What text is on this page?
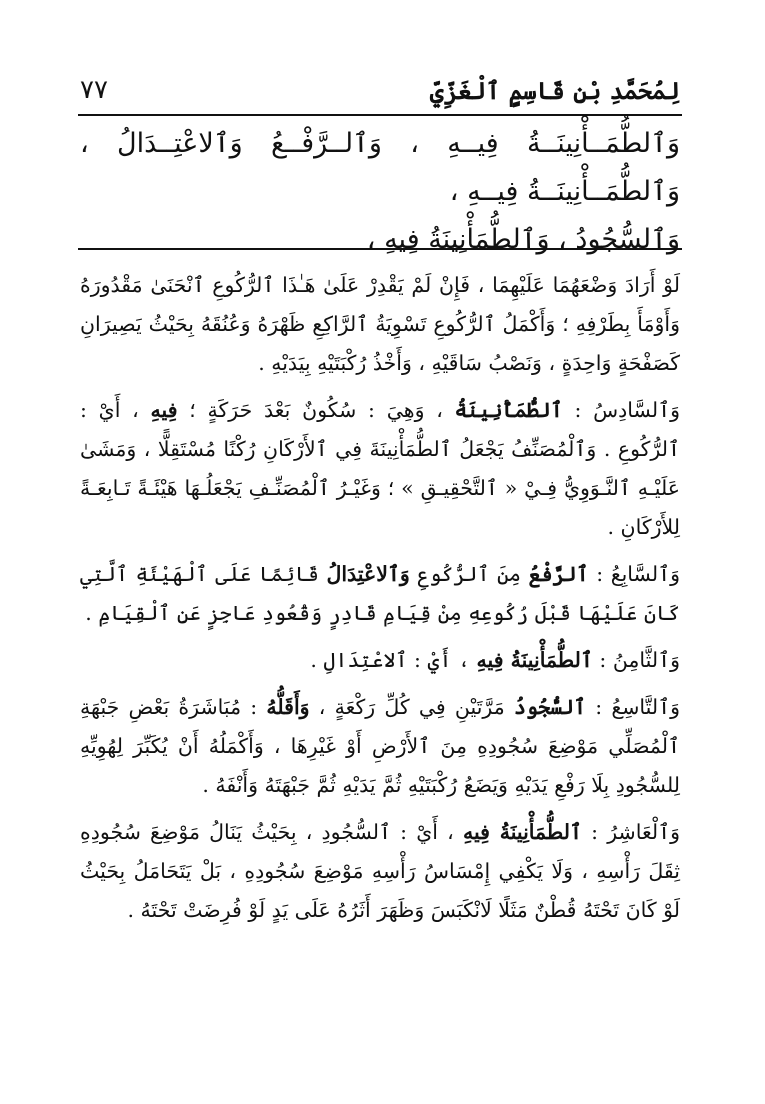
٧٧	لِمُحَمَّدِ بْنِ قَاسِمٍ ٱلْغَزِّيِّ

وَٱلطُّمَــأْنِينَــةُ فِيــهِ ، وَٱلــرَّفْــعُ وَٱلاعْتِــدَالُ ، وَٱلطُّمَــأْنِينَــةُ فِيــهِ ،

وَٱلسُّجُودُ ، وَٱلطُّمَأْنِينَةُ فِيهِ ،

لَوْ أَرَادَ وَضْعَهُمَا عَلَيْهِمَا ، فَإِنْ لَمْ يَقْدِرْ عَلَىٰ هَـٰذَا ٱلرُّكُوعِ ٱنْحَنَىٰ مَقْدُورَهُ وَأَوْمَأَ بِطَرْفِهِ ؛ وَأَكْمَلُ ٱلرُّكُوعِ تَسْوِيَةُ ٱلرَّاكِعِ ظَهْرَهُ وَعُنُقَهُ بِحَيْثُ يَصِيرَانِ كَصَفْحَةٍ وَاحِدَةٍ ، وَنَصْبُ سَاقَيْهِ ، وَأَخْذُ رُكْبَتَيْهِ بِيَدَيْهِ .

وَٱلسَّادِسُ : ٱلطُّمَأْنِينَةُ ، وَهِيَ : سُكُونٌ بَعْدَ حَرَكَةٍ ؛ فِيهِ ، أَيْ : ٱلرُّكُوعِ . وَٱلْمُصَنِّفُ يَجْعَلُ ٱلطُّمَأْنِينَةَ فِي ٱلأَرْكَانِ رُكْنًا مُسْتَقِلًّا ، وَمَشَىٰ عَلَيْـهِ ٱلنَّـوَوِيُّ فِـيْ « ٱلتَّحْقِيـقِ » ؛ وَغَيْـرُ ٱلْمُصَنِّـفِ يَجْعَلُـهَا هَيْئَـةً تَـابِعَـةً لِلأَرْكَانِ .

وَٱلسَّابِعُ : ٱلرَّفْعُ مِنَ ٱلرُّكُوعِ وَٱلاعْتِدَالُ قَائِمًا عَلَى ٱلْهَيْئَةِ ٱلَّتِي كَانَ عَلَيْهَا قَبْلَ رُكُوعِهِ مِنْ قِيَامِ قَادِرٍ وَقُعُودِ عَاجِزٍ عَنِ ٱلْقِيَامِ .

وَٱلثَّامِنُ : ٱلطُّمَأْنِينَةُ فِيهِ ، أَيْ : ٱلاعْتِدَالِ .

وَٱلتَّاسِعُ : ٱلسُّجُودُ مَرَّتَيْنِ فِي كُلِّ رَكْعَةٍ ، وَأَقَلُّهُ : مُبَاشَرَةُ بَعْضِ جَبْهَةِ ٱلْمُصَلِّي مَوْضِعَ سُجُودِهِ مِنَ ٱلأَرْضِ أَوْ غَيْرِهَا ، وَأَكْمَلُهُ أَنْ يُكَبِّرَ لِهُوِيِّهِ لِلسُّجُودِ بِلَا رَفْعِ يَدَيْهِ وَيَضَعُ رُكْبَتَيْهِ ثُمَّ يَدَيْهِ ثُمَّ جَبْهَتَهُ وَأَنْفَهُ .

وَٱلْعَاشِرُ : ٱلطُّمَأْنِينَةُ فِيهِ ، أَيْ : ٱلسُّجُودِ ، بِحَيْثُ يَنَالُ مَوْضِعَ سُجُودِهِ ثِقَلَ رَأْسِهِ ، وَلَا يَكْفِي إِمْسَاسُ رَأْسِهِ مَوْضِعَ سُجُودِهِ ، بَلْ يَتَحَامَلُ بِحَيْثُ لَوْ كَانَ تَحْتَهُ قُطْنٌ مَثَلًا لَانْكَبَسَ وَظَهَرَ أَثَرُهُ عَلَى يَدٍ لَوْ فُرِضَتْ تَحْتَهُ .
